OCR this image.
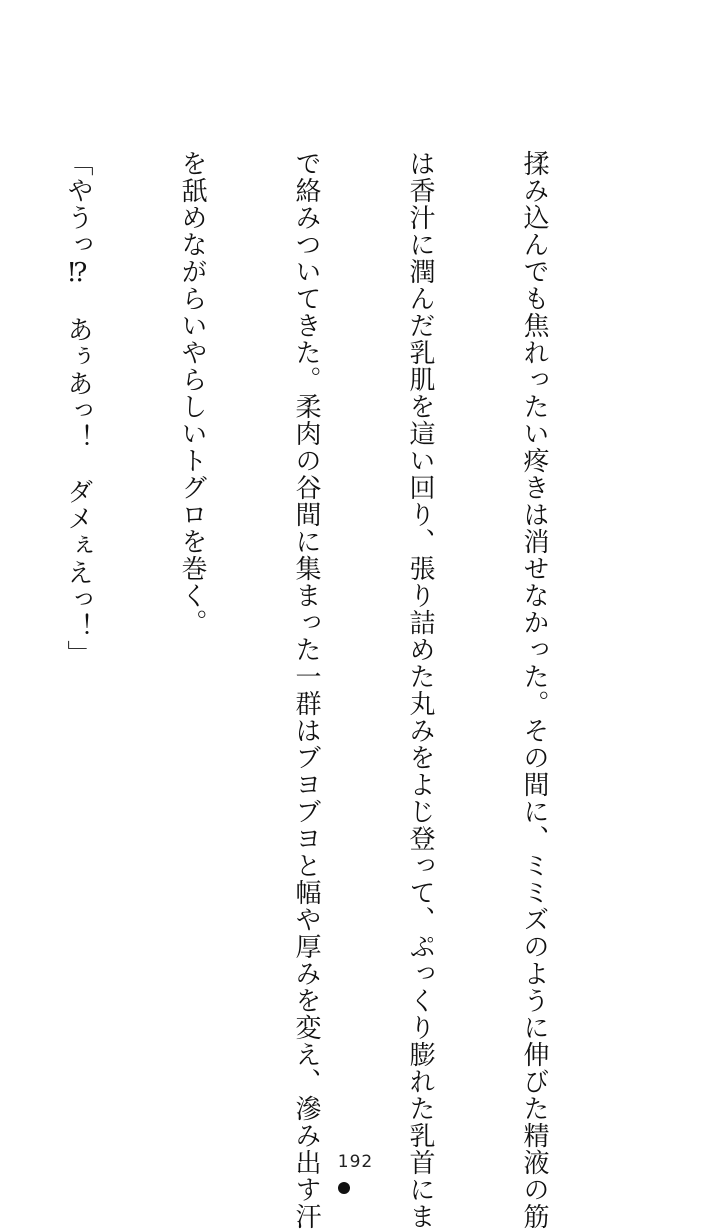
揉み込んでも焦れったい疼きは消せなかった。その間に、ミミズのように伸びた精液の筋

は香汁に潤んだ乳肌を這い回り、張り詰めた丸みをよじ登って、ぷっくり膨れた乳首にま

で絡みついてきた。柔肉の谷間に集まった一群はブヨブヨと幅や厚みを変え、滲み出す汗

を舐めながらいやらしいトグロを巻く。

「やうっ⁉　あぅあっ！　ダメぇえっ！」

192
